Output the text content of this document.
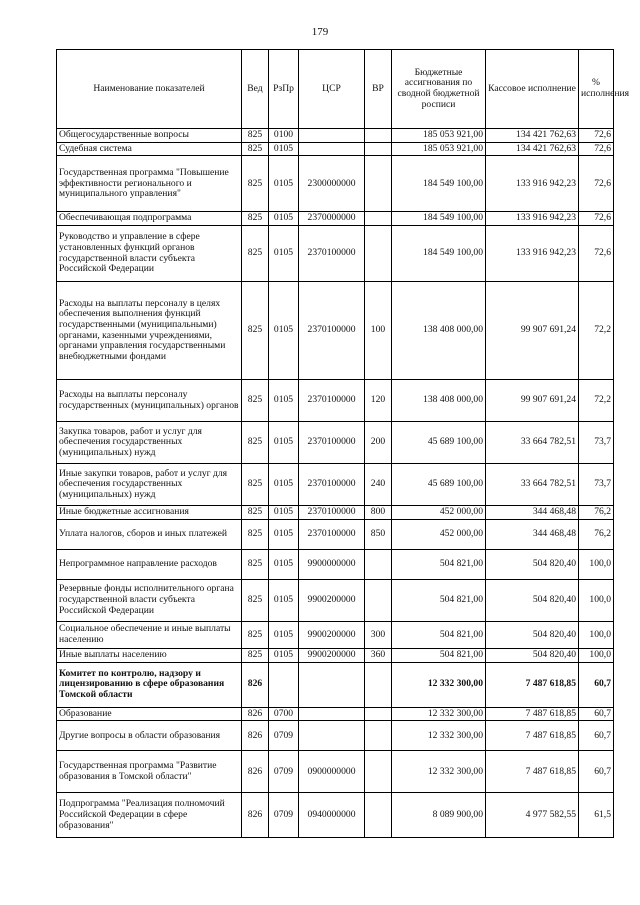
179
Наименование показателей	Вед	РзПр	ЦСР	ВР	Бюджетные ассигнования по сводной бюджетной росписи	Кассовое исполнение	% исполнения
Общегосударственные вопросы	825	0100			185 053 921,00	134 421 762,63	72,6
Судебная система	825	0105			185 053 921,00	134 421 762,63	72,6
Государственная программа "Повышение эффективности регионального и муниципального управления"	825	0105	2300000000		184 549 100,00	133 916 942,23	72,6
Обеспечивающая подпрограмма	825	0105	2370000000		184 549 100,00	133 916 942,23	72,6
Руководство и управление в сфере установленных функций органов государственной власти субъекта Российской Федерации	825	0105	2370100000		184 549 100,00	133 916 942,23	72,6
Расходы на выплаты персоналу в целях обеспечения выполнения функций государственными (муниципальными) органами, казенными учреждениями, органами управления государственными внебюджетными фондами	825	0105	2370100000	100	138 408 000,00	99 907 691,24	72,2
Расходы на выплаты персоналу государственных (муниципальных) органов	825	0105	2370100000	120	138 408 000,00	99 907 691,24	72,2
Закупка товаров, работ и услуг для обеспечения государственных (муниципальных) нужд	825	0105	2370100000	200	45 689 100,00	33 664 782,51	73,7
Иные закупки товаров, работ и услуг для обеспечения государственных (муниципальных) нужд	825	0105	2370100000	240	45 689 100,00	33 664 782,51	73,7
Иные бюджетные ассигнования	825	0105	2370100000	800	452 000,00	344 468,48	76,2
Уплата налогов, сборов и иных платежей	825	0105	2370100000	850	452 000,00	344 468,48	76,2
Непрограммное направление расходов	825	0105	9900000000		504 821,00	504 820,40	100,0
Резервные фонды исполнительного органа государственной власти субъекта Российской Федерации	825	0105	9900200000		504 821,00	504 820,40	100,0
Социальное обеспечение и иные выплаты населению	825	0105	9900200000	300	504 821,00	504 820,40	100,0
Иные выплаты населению	825	0105	9900200000	360	504 821,00	504 820,40	100,0
Комитет по контролю, надзору и лицензированию в сфере образования Томской области	826				12 332 300,00	7 487 618,85	60,7
Образование	826	0700			12 332 300,00	7 487 618,85	60,7
Другие вопросы в области образования	826	0709			12 332 300,00	7 487 618,85	60,7
Государственная программа "Развитие образования в Томской области"	826	0709	0900000000		12 332 300,00	7 487 618,85	60,7
Подпрограмма "Реализация полномочий Российской Федерации в сфере образования"	826	0709	0940000000		8 089 900,00	4 977 582,55	61,5
